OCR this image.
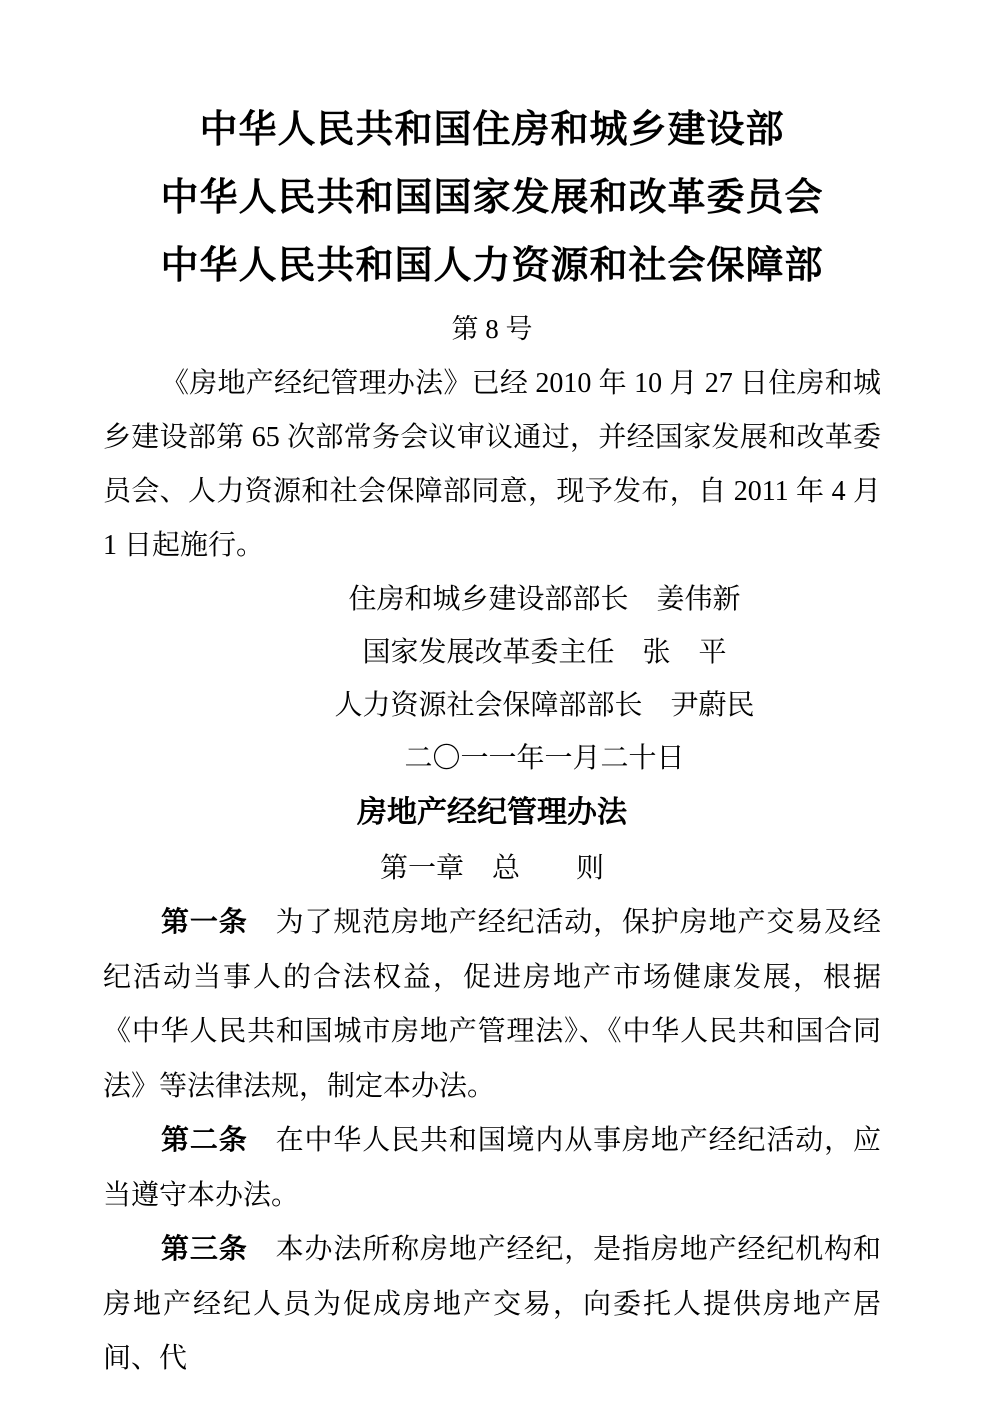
中华人民共和国住房和城乡建设部
中华人民共和国国家发展和改革委员会
中华人民共和国人力资源和社会保障部
第 8 号

《房地产经纪管理办法》已经 2010 年 10 月 27 日住房和城乡建设部第 65 次部常务会议审议通过，并经国家发展和改革委员会、人力资源和社会保障部同意，现予发布，自 2011 年 4 月 1 日起施行。

住房和城乡建设部部长　姜伟新
国家发展改革委主任　张　平
人力资源社会保障部部长　尹蔚民
二〇一一年一月二十日
房地产经纪管理办法
第一章　总　　则

第一条 为了规范房地产经纪活动，保护房地产交易及经纪活动当事人的合法权益，促进房地产市场健康发展，根据《中华人民共和国城市房地产管理法》、《中华人民共和国合同法》等法律法规，制定本办法。

第二条 在中华人民共和国境内从事房地产经纪活动，应当遵守本办法。

第三条 本办法所称房地产经纪，是指房地产经纪机构和房地产经纪人员为促成房地产交易，向委托人提供房地产居间、代
